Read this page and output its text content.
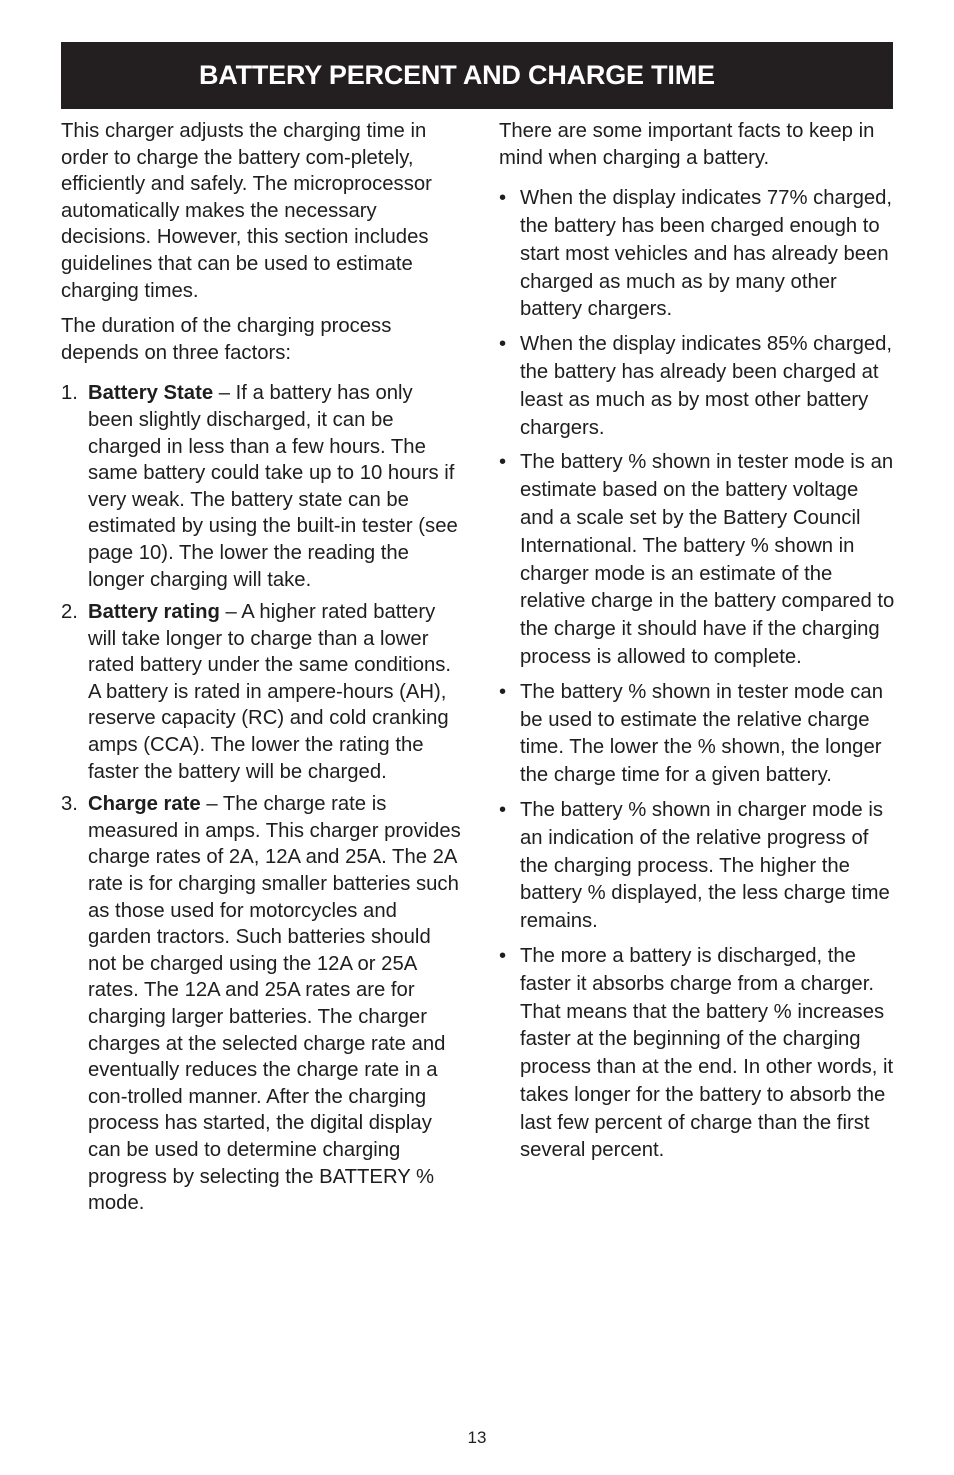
BATTERY PERCENT AND CHARGE TIME

This charger adjusts the charging time in order to charge the battery com-pletely, efficiently and safely. The microprocessor automatically makes the necessary decisions. However, this section includes guidelines that can be used to estimate charging times.

The duration of the charging process depends on three factors:

1. Battery State – If a battery has only been slightly discharged, it can be charged in less than a few hours. The same battery could take up to 10 hours if very weak. The battery state can be estimated by using the built-in tester (see page 10). The lower the reading the longer charging will take.
2. Battery rating – A higher rated battery will take longer to charge than a lower rated battery under the same conditions. A battery is rated in ampere-hours (AH), reserve capacity (RC) and cold cranking amps (CCA). The lower the rating the faster the battery will be charged.
3. Charge rate – The charge rate is measured in amps. This charger provides charge rates of 2A, 12A and 25A. The 2A rate is for charging smaller batteries such as those used for motorcycles and garden tractors. Such batteries should not be charged using the 12A or 25A rates. The 12A and 25A rates are for charging larger batteries. The charger charges at the selected charge rate and eventually reduces the charge rate in a con-trolled manner. After the charging process has started, the digital display can be used to determine charging progress by selecting the BATTERY % mode.

There are some important facts to keep in mind when charging a battery.

• When the display indicates 77% charged, the battery has been charged enough to start most vehicles and has already been charged as much as by many other battery chargers.
• When the display indicates 85% charged, the battery has already been charged at least as much as by most other battery chargers.
• The battery % shown in tester mode is an estimate based on the battery voltage and a scale set by the Battery Council International. The battery % shown in charger mode is an estimate of the relative charge in the battery compared to the charge it should have if the charging process is allowed to complete.
• The battery % shown in tester mode can be used to estimate the relative charge time. The lower the % shown, the longer the charge time for a given battery.
• The battery % shown in charger mode is an indication of the relative progress of the charging process. The higher the battery % displayed, the less charge time remains.
• The more a battery is discharged, the faster it absorbs charge from a charger. That means that the battery % increases faster at the beginning of the charging process than at the end. In other words, it takes longer for the battery to absorb the last few percent of charge than the first several percent.
13
